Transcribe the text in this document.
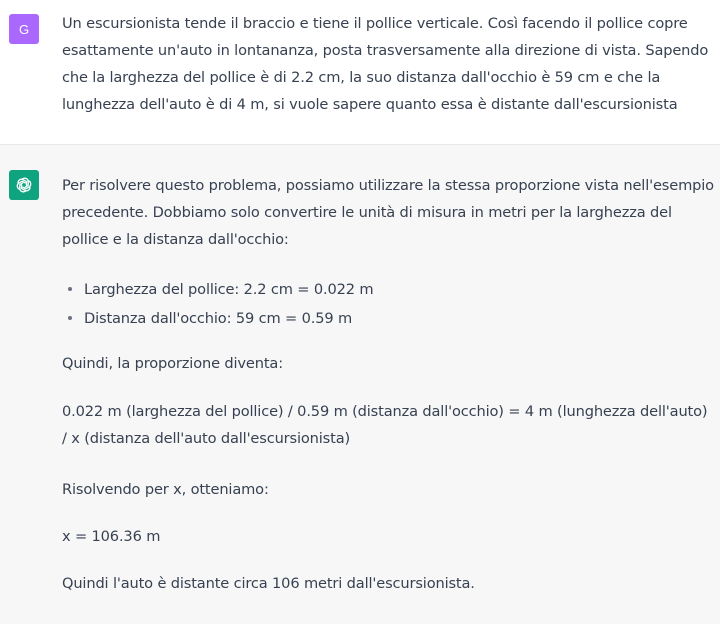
G Un escursionista tende il braccio e tiene il pollice verticale. Così facendo il pollice copre esattamente un'auto in lontananza, posta trasversamente alla direzione di vista. Sapendo che la larghezza del pollice è di 2.2 cm, la suo distanza dall'occhio è 59 cm e che la lunghezza dell'auto è di 4 m, si vuole sapere quanto essa è distante dall'escursionista

Per risolvere questo problema, possiamo utilizzare la stessa proporzione vista nell'esempio precedente. Dobbiamo solo convertire le unità di misura in metri per la larghezza del pollice e la distanza dall'occhio:

Larghezza del pollice: 2.2 cm = 0.022 m
Distanza dall'occhio: 59 cm = 0.59 m

Quindi, la proporzione diventa:

0.022 m (larghezza del pollice) / 0.59 m (distanza dall'occhio) = 4 m (lunghezza dell'auto) / x (distanza dell'auto dall'escursionista)

Risolvendo per x, otteniamo:

x = 106.36 m

Quindi l'auto è distante circa 106 metri dall'escursionista.
